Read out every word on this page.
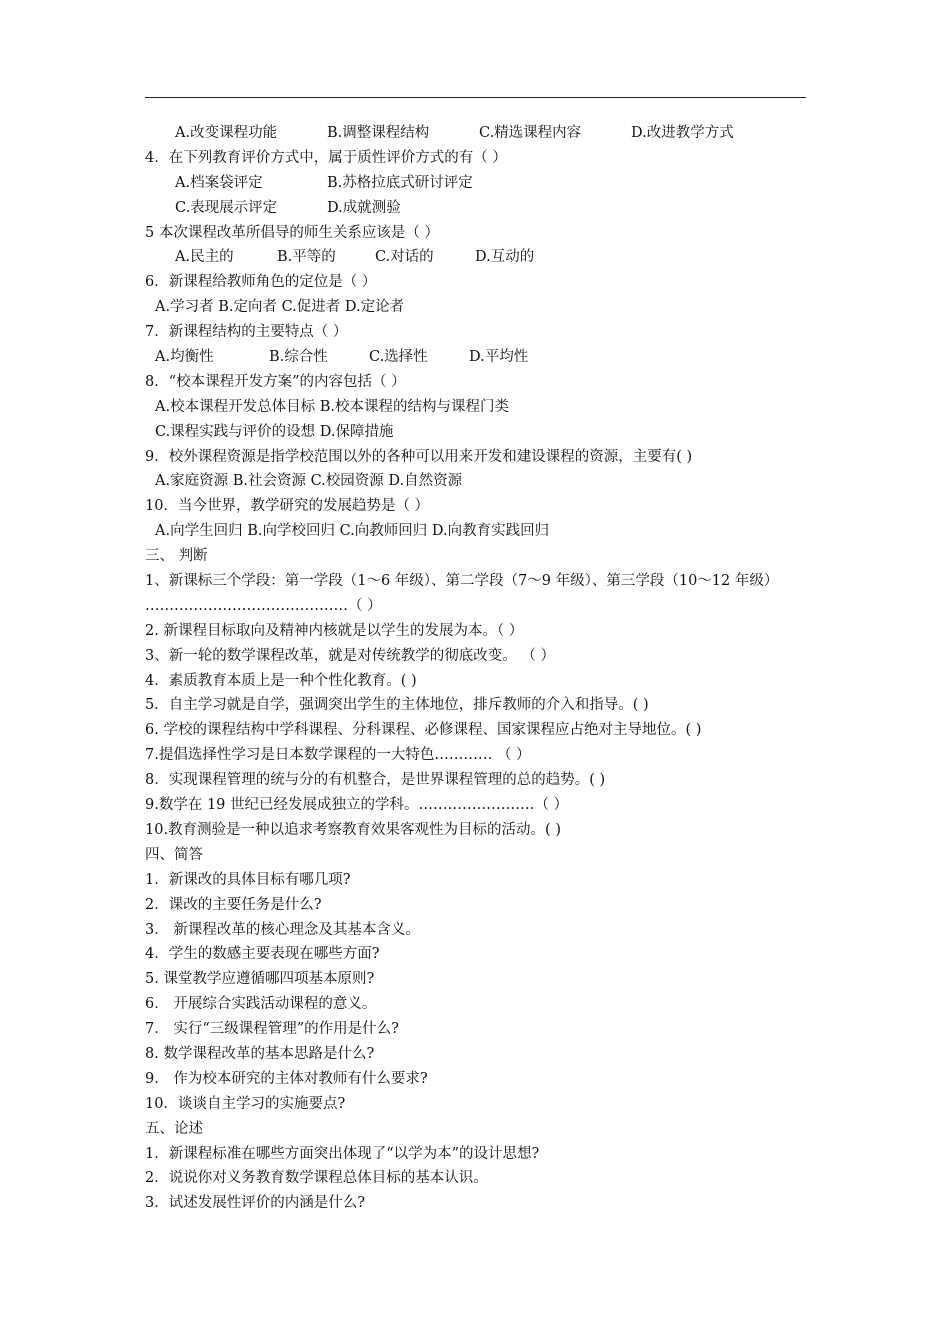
A.改变课程功能	B.调整课程结构	C.精选课程内容	D.改进教学方式
4．在下列教育评价方式中，属于质性评价方式的有（ ）
A.档案袋评定	B.苏格拉底式研讨评定
C.表现展示评定	D.成就测验
5 本次课程改革所倡导的师生关系应该是（ ）
A.民主的	B.平等的	C.对话的	D.互动的
6．新课程给教师角色的定位是（ ）
A.学习者 B.定向者 C.促进者 D.定论者
7．新课程结构的主要特点（ ）
A.均衡性	B.综合性	C.选择性	D.平均性
8．“校本课程开发方案”的内容包括（ ）
A.校本课程开发总体目标 B.校本课程的结构与课程门类
C.课程实践与评价的设想 D.保障措施
9．校外课程资源是指学校范围以外的各种可以用来开发和建设课程的资源，主要有( )
A.家庭资源 B.社会资源 C.校园资源 D.自然资源
10．当今世界，教学研究的发展趋势是（ ）
A.向学生回归 B.向学校回归 C.向教师回归 D.向教育实践回归
三、 判断
1、新课标三个学段：第一学段（1～6 年级）、第二学段（7～9 年级）、第三学段（10～12 年级）
……………………………………（ ）
2. 新课程目标取向及精神内核就是以学生的发展为本。（ ）
3、新一轮的数学课程改革，就是对传统教学的彻底改变。 （ ）
4．素质教育本质上是一种个性化教育。( )
5．自主学习就是自学，强调突出学生的主体地位，排斥教师的介入和指导。( )
6. 学校的课程结构中学科课程、分科课程、必修课程、国家课程应占绝对主导地位。( )
7.提倡选择性学习是日本数学课程的一大特色………… （ ）
8．实现课程管理的统与分的有机整合，是世界课程管理的总的趋势。( )
9.数学在 19 世纪已经发展成独立的学科。……………………（ ）
10.教育测验是一种以追求考察教育效果客观性为目标的活动。( )
四、简答
1．新课改的具体目标有哪几项?
2．课改的主要任务是什么?
3． 新课程改革的核心理念及其基本含义。
4．学生的数感主要表现在哪些方面?
5. 课堂教学应遵循哪四项基本原则?
6． 开展综合实践活动课程的意义。
7． 实行“三级课程管理”的作用是什么?
8. 数学课程改革的基本思路是什么?
9． 作为校本研究的主体对教师有什么要求?
10．谈谈自主学习的实施要点?
五、论述
1．新课程标准在哪些方面突出体现了“以学为本”的设计思想?
2．说说你对义务教育数学课程总体目标的基本认识。
3．试述发展性评价的内涵是什么?
